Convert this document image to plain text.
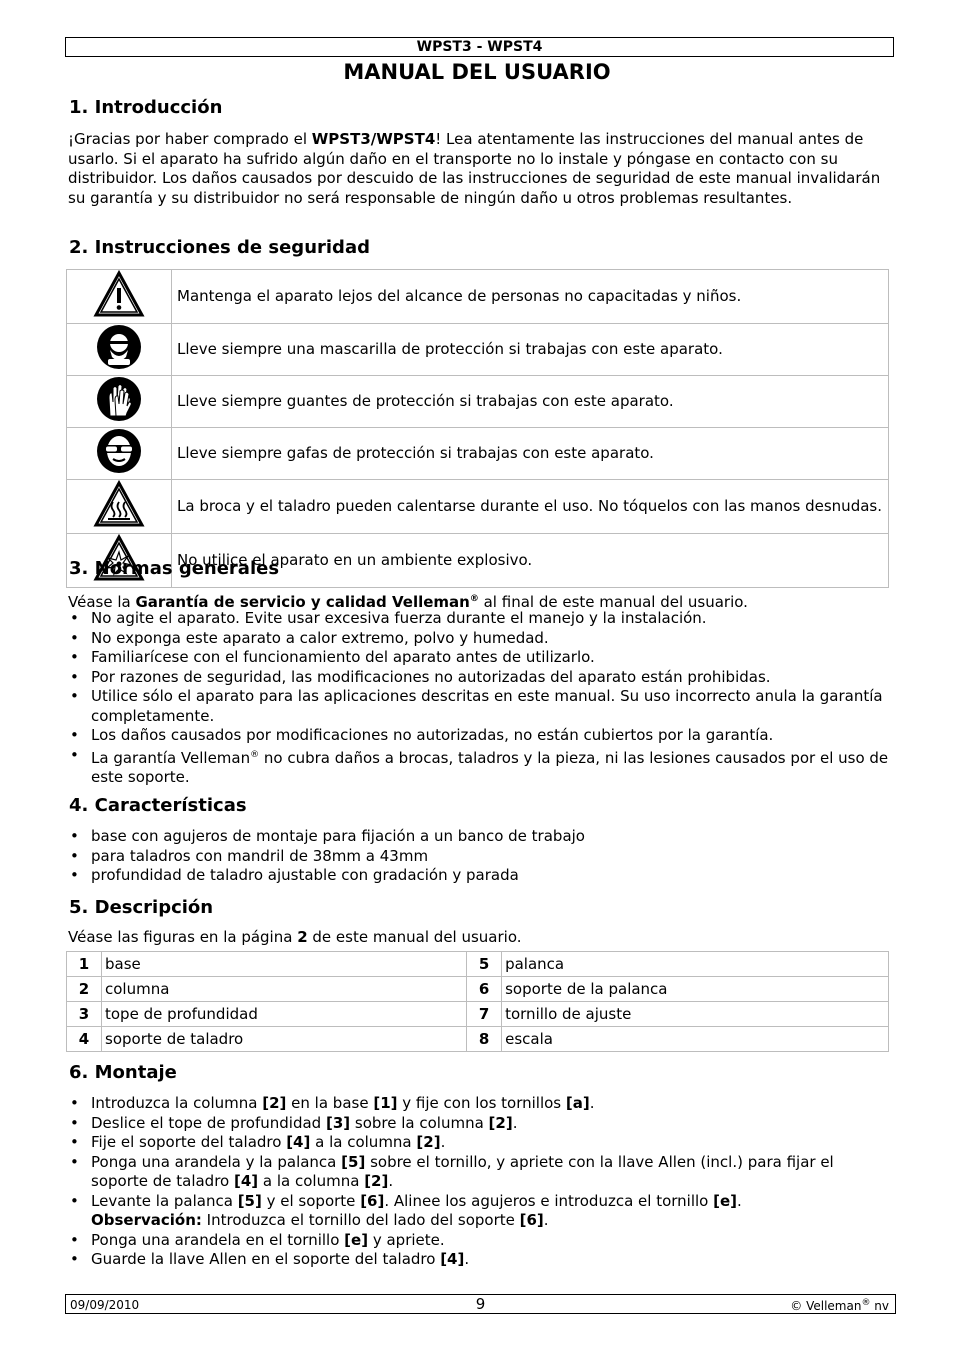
WPST3 - WPST4
MANUAL DEL USUARIO
1. Introducción
¡Gracias por haber comprado el WPST3/WPST4! Lea atentamente las instrucciones del manual antes de usarlo. Si el aparato ha sufrido algún daño en el transporte no lo instale y póngase en contacto con su distribuidor. Los daños causados por descuido de las instrucciones de seguridad de este manual invalidarán su garantía y su distribuidor no será responsable de ningún daño u otros problemas resultantes.
2. Instrucciones de seguridad
	Mantenga el aparato lejos del alcance de personas no capacitadas y niños.
	Lleve siempre una mascarilla de protección si trabajas con este aparato.
	Lleve siempre guantes de protección si trabajas con este aparato.
	Lleve siempre gafas de protección si trabajas con este aparato.
	La broca y el taladro pueden calentarse durante el uso. No tóquelos con las manos desnudas.
	No utilice el aparato en un ambiente explosivo.
3. Normas generales
Véase la Garantía de servicio y calidad Velleman® al final de este manual del usuario.
• No agite el aparato. Evite usar excesiva fuerza durante el manejo y la instalación.
• No exponga este aparato a calor extremo, polvo y humedad.
• Familiarícese con el funcionamiento del aparato antes de utilizarlo.
• Por razones de seguridad, las modificaciones no autorizadas del aparato están prohibidas.
• Utilice sólo el aparato para las aplicaciones descritas en este manual. Su uso incorrecto anula la garantía completamente.
• Los daños causados por modificaciones no autorizadas, no están cubiertos por la garantía.
• La garantía Velleman® no cubra daños a brocas, taladros y la pieza, ni las lesiones causados por el uso de este soporte.
4. Características
• base con agujeros de montaje para fijación a un banco de trabajo
• para taladros con mandril de 38mm a 43mm
• profundidad de taladro ajustable con gradación y parada
5. Descripción
Véase las figuras en la página 2 de este manual del usuario.
1	base	5	palanca
2	columna	6	soporte de la palanca
3	tope de profundidad	7	tornillo de ajuste
4	soporte de taladro	8	escala
6. Montaje
• Introduzca la columna [2] en la base [1] y fije con los tornillos [a].
• Deslice el tope de profundidad [3] sobre la columna [2].
• Fije el soporte del taladro [4] a la columna [2].
• Ponga una arandela y la palanca [5] sobre el tornillo, y apriete con la llave Allen (incl.) para fijar el soporte de taladro [4] a la columna [2].
• Levante la palanca [5] y el soporte [6]. Alinee los agujeros e introduzca el tornillo [e].
Observación: Introduzca el tornillo del lado del soporte [6].
• Ponga una arandela en el tornillo [e] y apriete.
• Guarde la llave Allen en el soporte del taladro [4].
09/09/2010	9	© Velleman® nv
